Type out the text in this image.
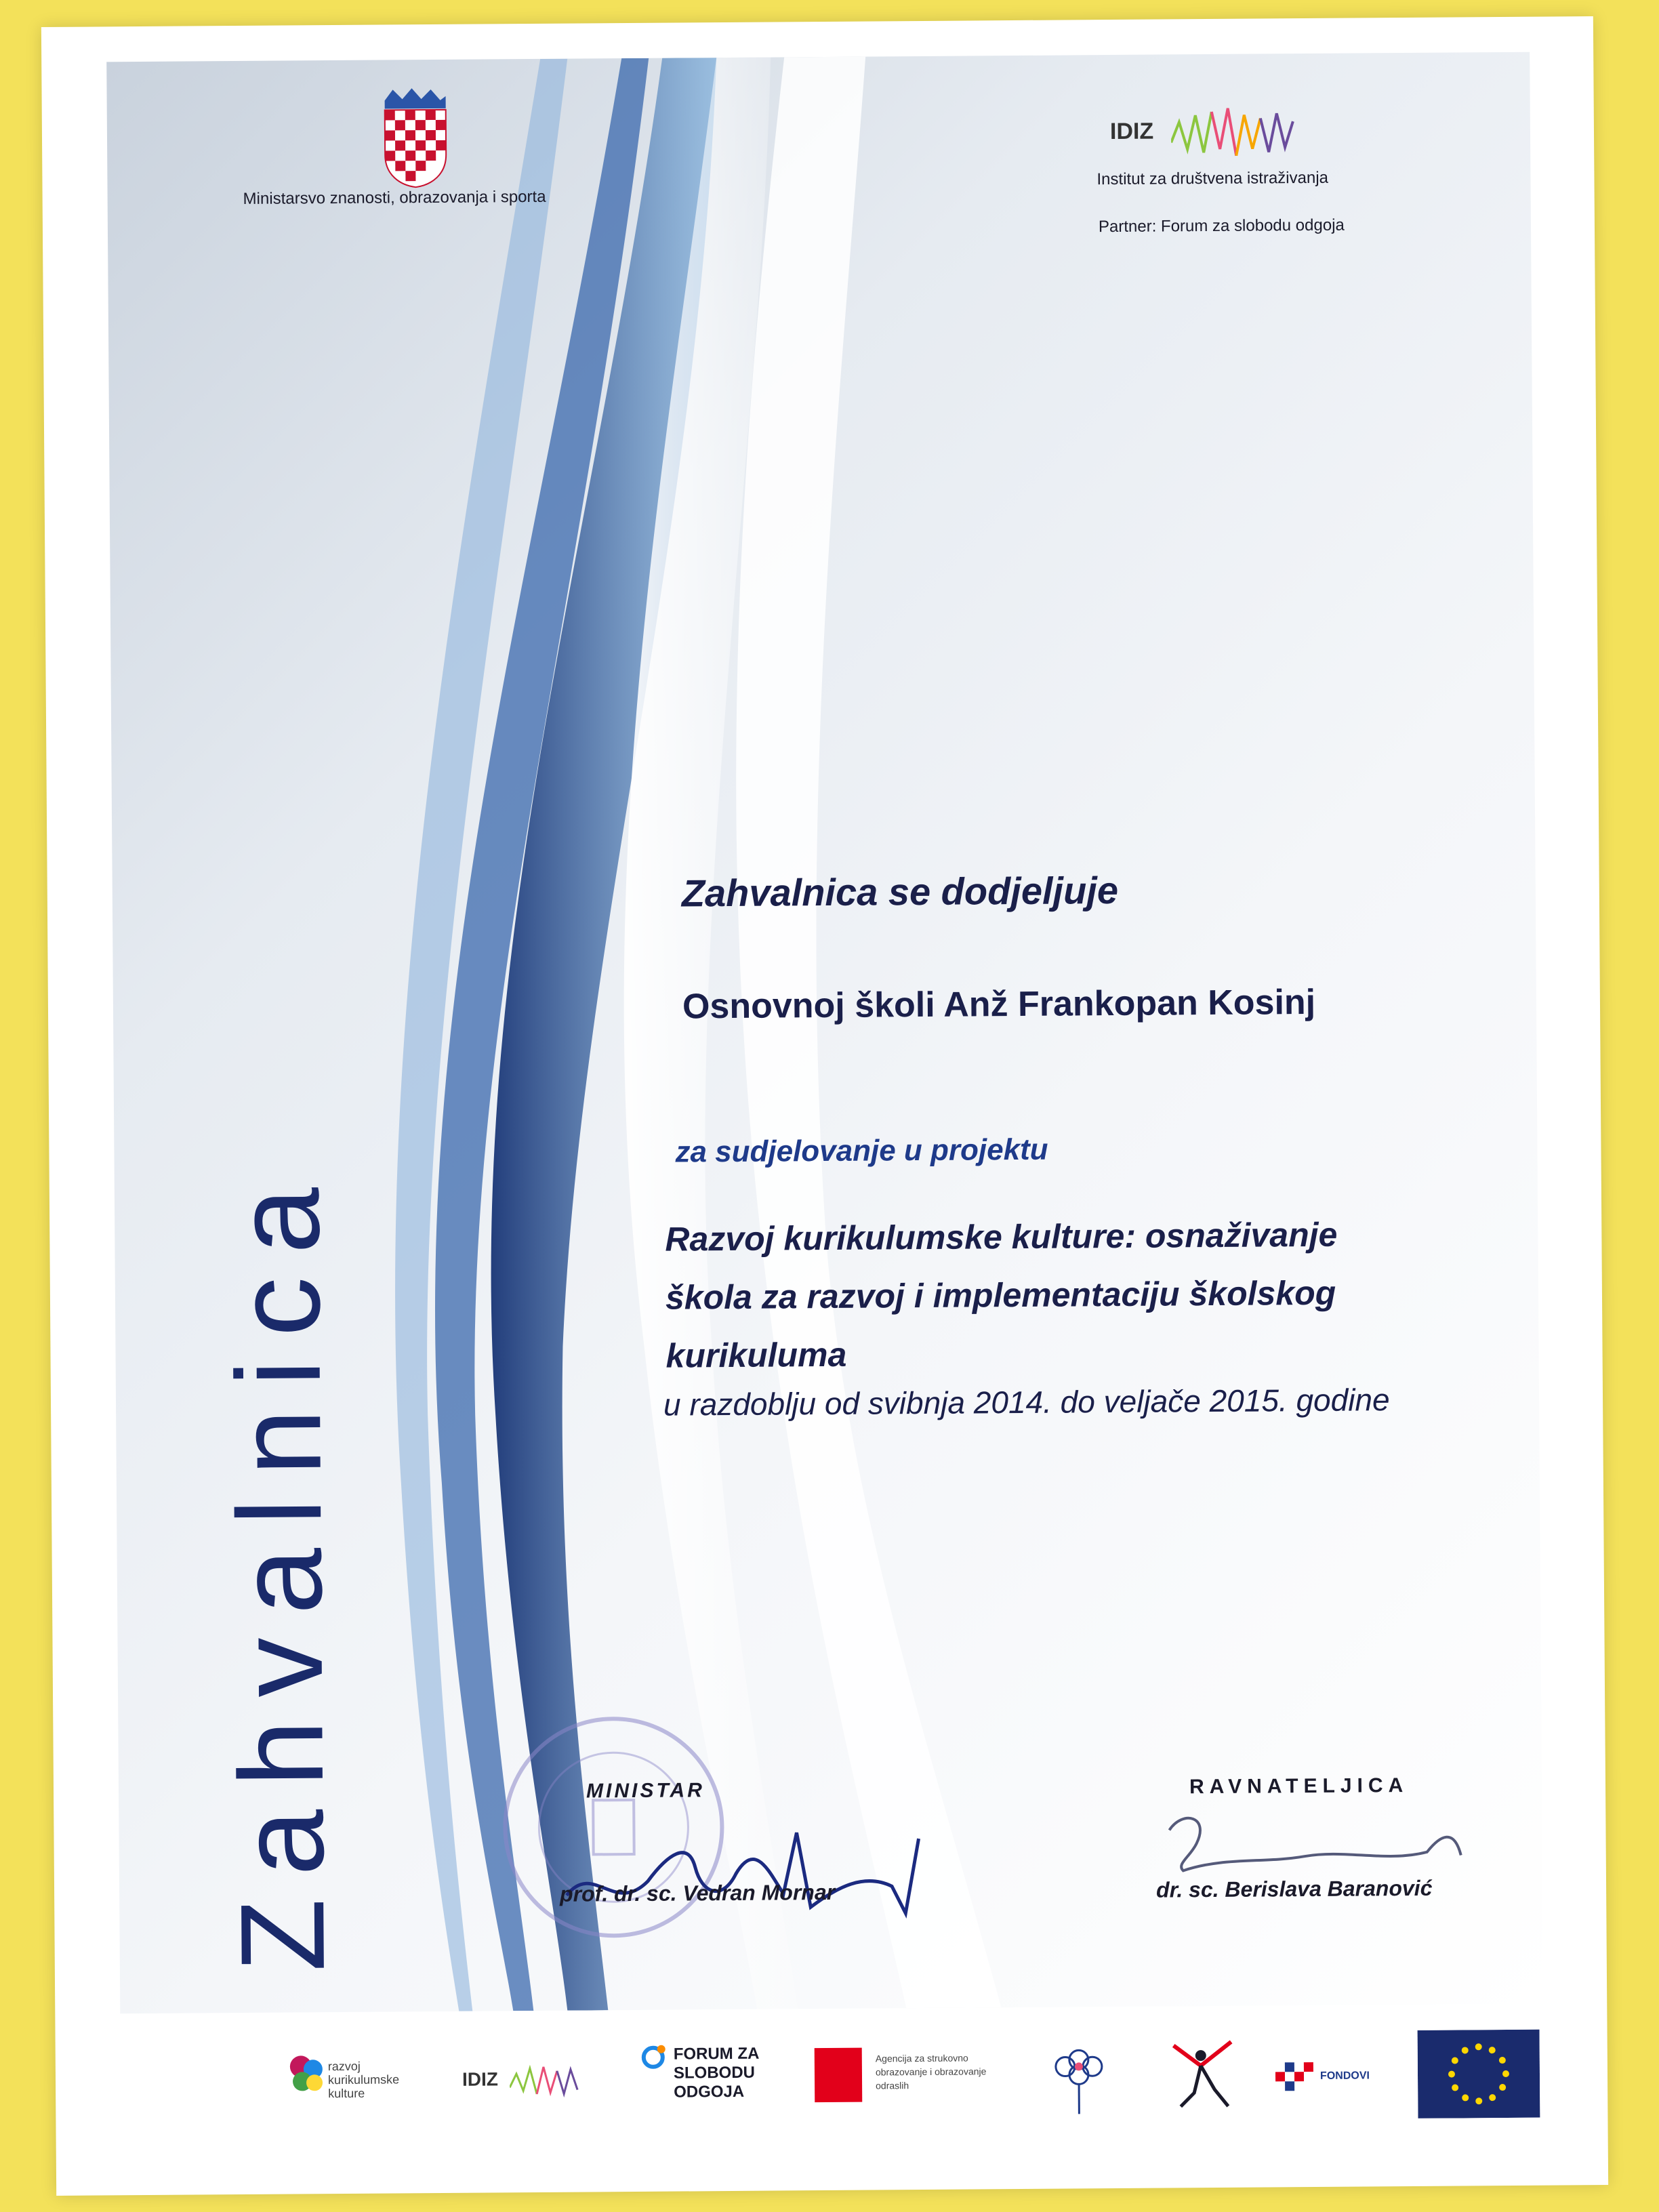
Ministarsvo znanosti, obrazovanja i sporta
IDIZ
Institut za društvena istraživanja
Partner: Forum za slobodu odgoja
Zahvalnica
Zahvalnica se dodjeljuje
Osnovnoj školi Anž Frankopan Kosinj
za sudjelovanje u projektu
Razvoj kurikulumske kulture: osnaživanje
škola za razvoj i implementaciju školskog
kurikuluma
u razdoblju od svibnja 2014. do veljače 2015. godine
MINISTAR
prof. dr. sc. Vedran Mornar
RAVNATELJICA
dr. sc. Berislava Baranović
razvoj kurikulumske kulture
IDIZ
FORUM ZA
SLOBODU
ODGOJA
Agencija za strukovno obrazovanje i obrazovanje odraslih
FONDOVI
